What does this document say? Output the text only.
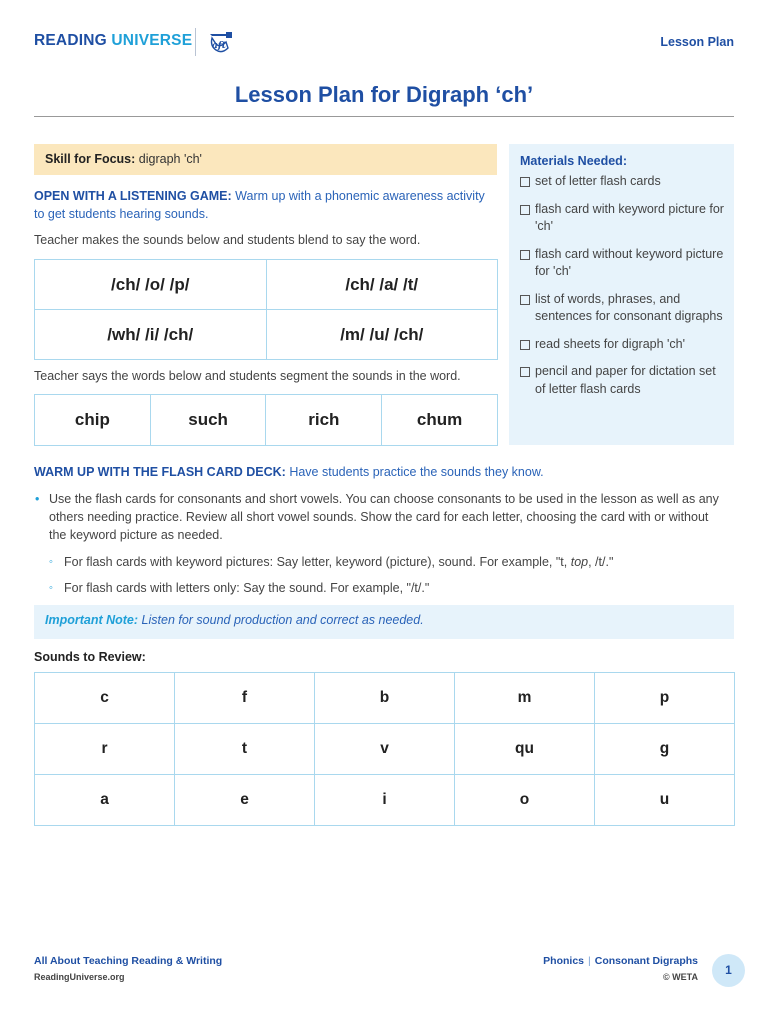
READING UNIVERSE aft	Lesson Plan
Lesson Plan for Digraph ‘ch’
Skill for Focus: digraph 'ch'
OPEN WITH A LISTENING GAME: Warm up with a phonemic awareness activity to get students hearing sounds.
Teacher makes the sounds below and students blend to say the word.
/ch/ /o/ /p/	/ch/ /a/ /t/
/wh/ /i/ /ch/	/m/ /u/ /ch/
Teacher says the words below and students segment the sounds in the word.
chip	such	rich	chum
Materials Needed:
set of letter flash cards
flash card with keyword picture for 'ch'
flash card without keyword picture for 'ch'
list of words, phrases, and sentences for consonant digraphs
read sheets for digraph 'ch'
pencil and paper for dictation set of letter flash cards
WARM UP WITH THE FLASH CARD DECK: Have students practice the sounds they know.
• Use the flash cards for consonants and short vowels. You can choose consonants to be used in the lesson as well as any others needing practice. Review all short vowel sounds. Show the card for each letter, choosing the card with or without the keyword picture as needed.
◦ For flash cards with keyword pictures: Say letter, keyword (picture), sound. For example, "t, top, /t/."
◦ For flash cards with letters only: Say the sound. For example, "/t/."
Important Note: Listen for sound production and correct as needed.
Sounds to Review:
c	f	b	m	p
r	t	v	qu	g
a	e	i	o	u
All About Teaching Reading & Writing
ReadingUniverse.org
Phonics | Consonant Digraphs
© WETA	1
